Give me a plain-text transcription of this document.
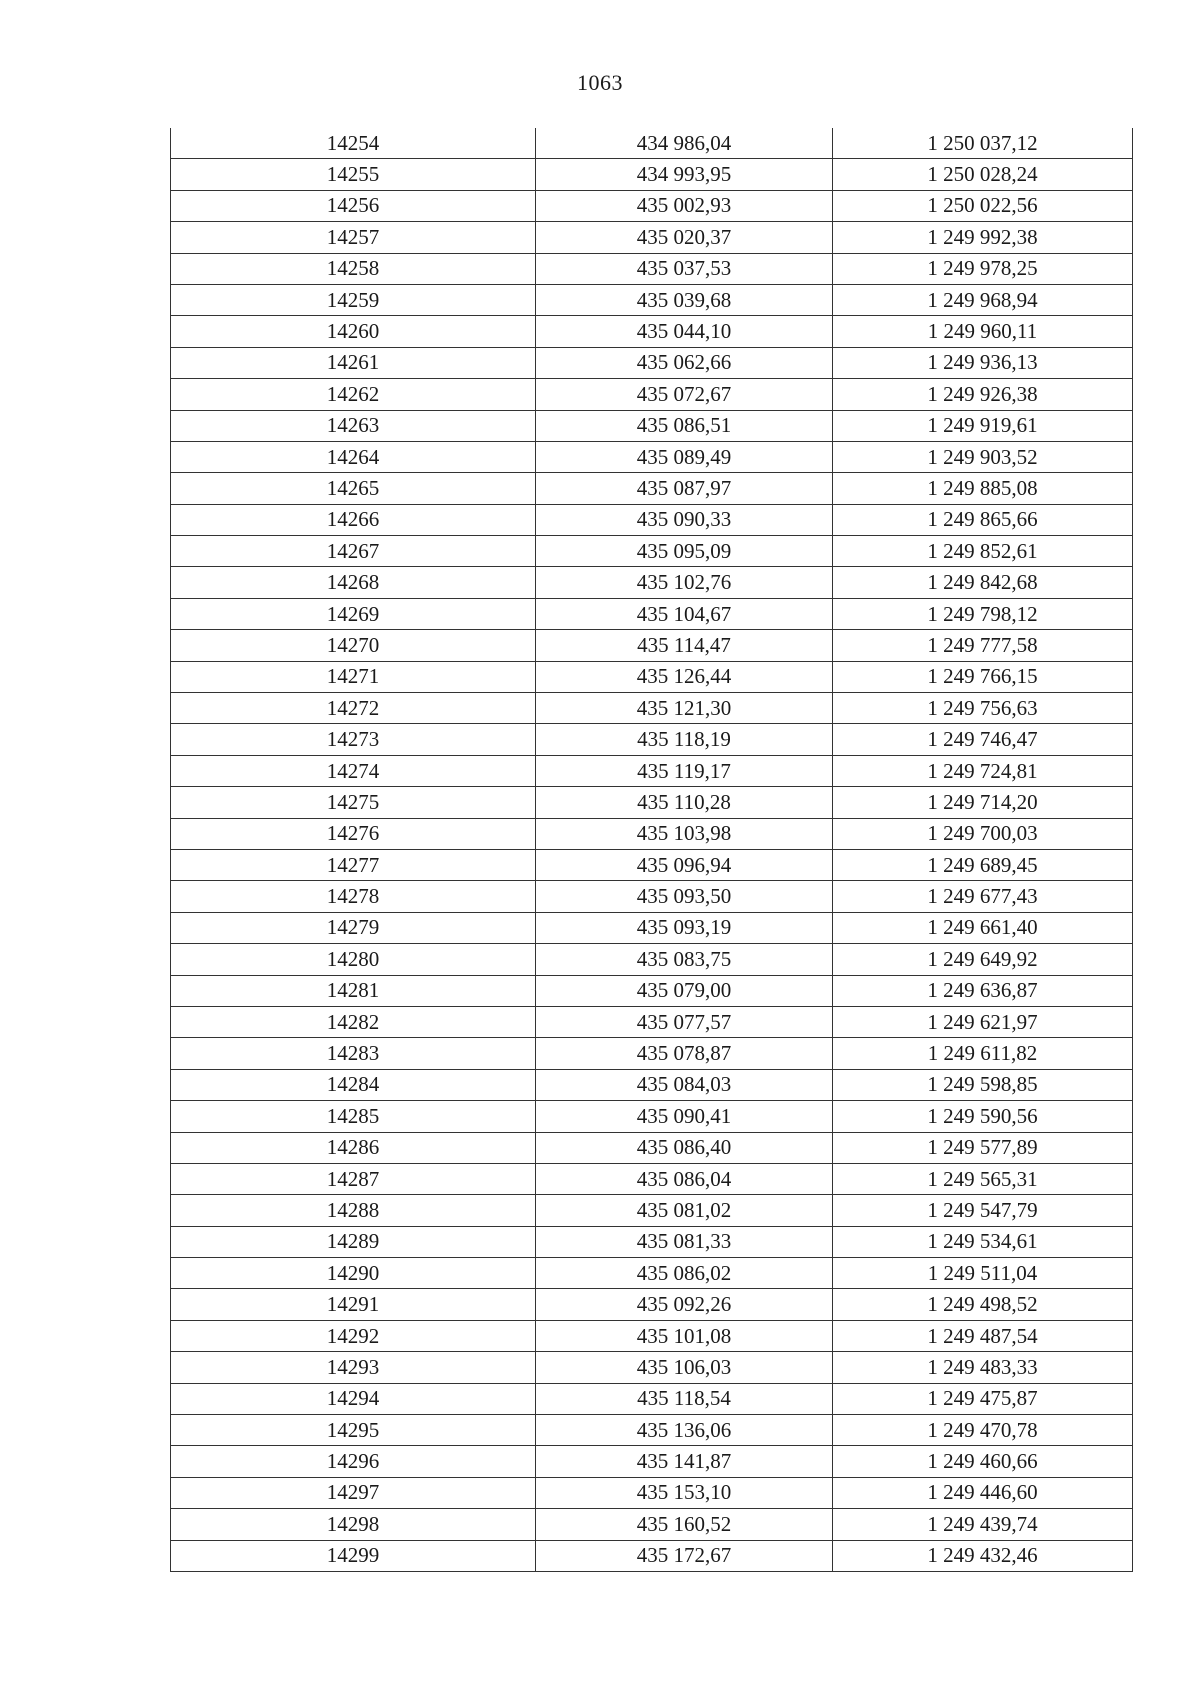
1063
14254	434 986,04	1 250 037,12
14255	434 993,95	1 250 028,24
14256	435 002,93	1 250 022,56
14257	435 020,37	1 249 992,38
14258	435 037,53	1 249 978,25
14259	435 039,68	1 249 968,94
14260	435 044,10	1 249 960,11
14261	435 062,66	1 249 936,13
14262	435 072,67	1 249 926,38
14263	435 086,51	1 249 919,61
14264	435 089,49	1 249 903,52
14265	435 087,97	1 249 885,08
14266	435 090,33	1 249 865,66
14267	435 095,09	1 249 852,61
14268	435 102,76	1 249 842,68
14269	435 104,67	1 249 798,12
14270	435 114,47	1 249 777,58
14271	435 126,44	1 249 766,15
14272	435 121,30	1 249 756,63
14273	435 118,19	1 249 746,47
14274	435 119,17	1 249 724,81
14275	435 110,28	1 249 714,20
14276	435 103,98	1 249 700,03
14277	435 096,94	1 249 689,45
14278	435 093,50	1 249 677,43
14279	435 093,19	1 249 661,40
14280	435 083,75	1 249 649,92
14281	435 079,00	1 249 636,87
14282	435 077,57	1 249 621,97
14283	435 078,87	1 249 611,82
14284	435 084,03	1 249 598,85
14285	435 090,41	1 249 590,56
14286	435 086,40	1 249 577,89
14287	435 086,04	1 249 565,31
14288	435 081,02	1 249 547,79
14289	435 081,33	1 249 534,61
14290	435 086,02	1 249 511,04
14291	435 092,26	1 249 498,52
14292	435 101,08	1 249 487,54
14293	435 106,03	1 249 483,33
14294	435 118,54	1 249 475,87
14295	435 136,06	1 249 470,78
14296	435 141,87	1 249 460,66
14297	435 153,10	1 249 446,60
14298	435 160,52	1 249 439,74
14299	435 172,67	1 249 432,46
